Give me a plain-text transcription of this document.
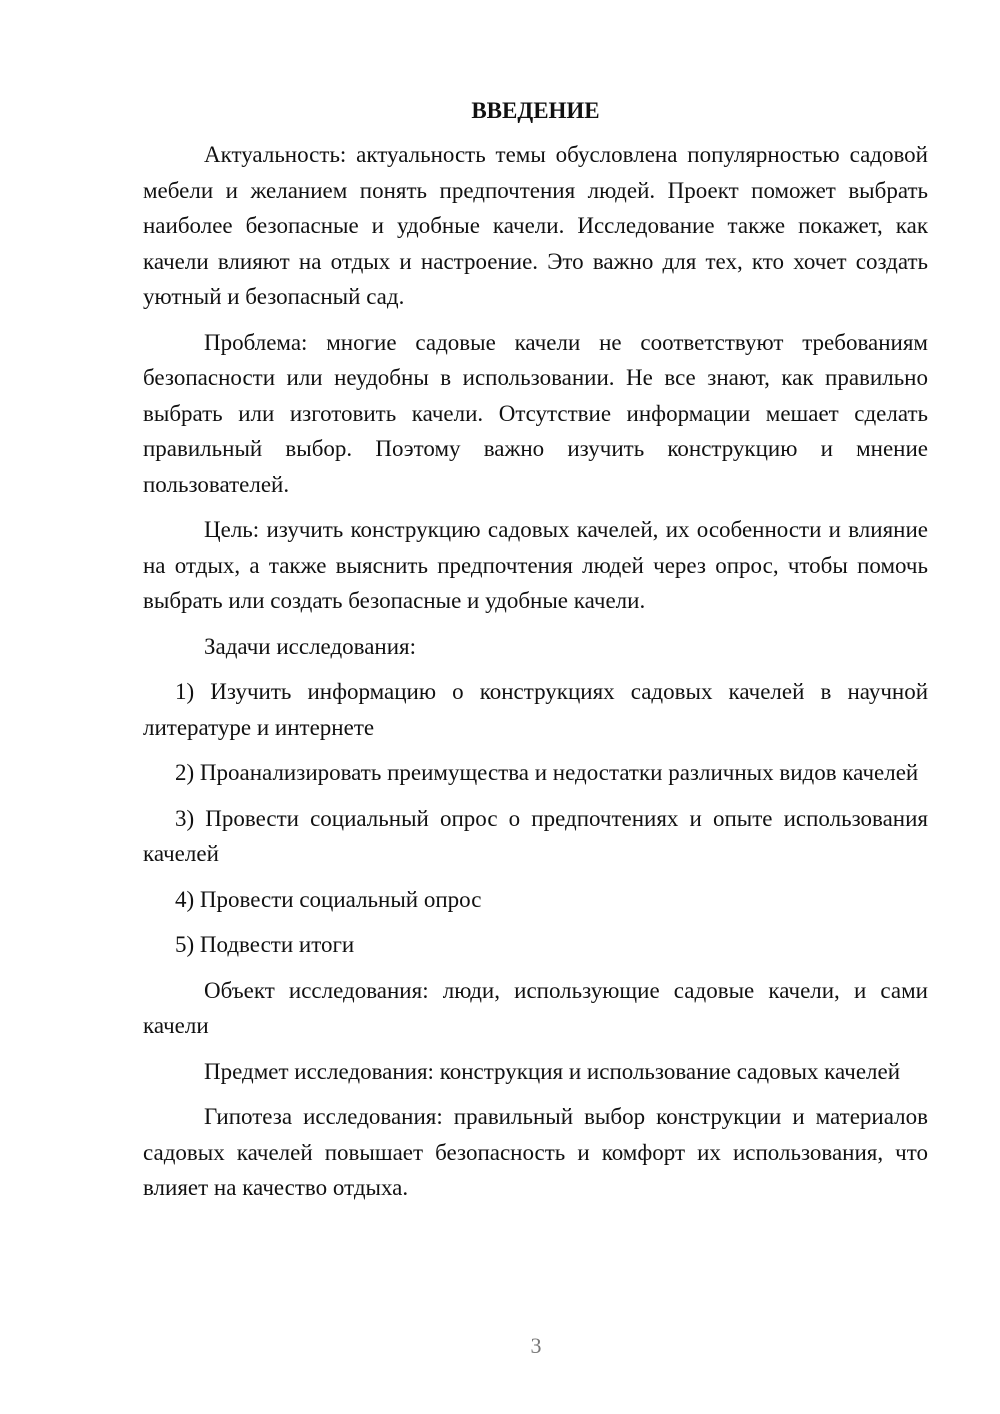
ВВЕДЕНИЕ

Актуальность: актуальность темы обусловлена популярностью садовой мебели и желанием понять предпочтения людей. Проект поможет выбрать наиболее безопасные и удобные качели. Исследование также покажет, как качели влияют на отдых и настроение. Это важно для тех, кто хочет создать уютный и безопасный сад.

Проблема: многие садовые качели не соответствуют требованиям безопасности или неудобны в использовании. Не все знают, как правильно выбрать или изготовить качели. Отсутствие информации мешает сделать правильный выбор. Поэтому важно изучить конструкцию и мнение пользователей.

Цель: изучить конструкцию садовых качелей, их особенности и влияние на отдых, а также выяснить предпочтения людей через опрос, чтобы помочь выбрать или создать безопасные и удобные качели.

Задачи исследования:

1) Изучить информацию о конструкциях садовых качелей в научной литературе и интернете

2) Проанализировать преимущества и недостатки различных видов качелей

3) Провести социальный опрос о предпочтениях и опыте использования качелей

4) Провести социальный опрос

5) Подвести итоги

Объект исследования: люди, использующие садовые качели, и сами качели

Предмет исследования: конструкция и использование садовых качелей

Гипотеза исследования: правильный выбор конструкции и материалов садовых качелей повышает безопасность и комфорт их использования, что влияет на качество отдыха.

3
